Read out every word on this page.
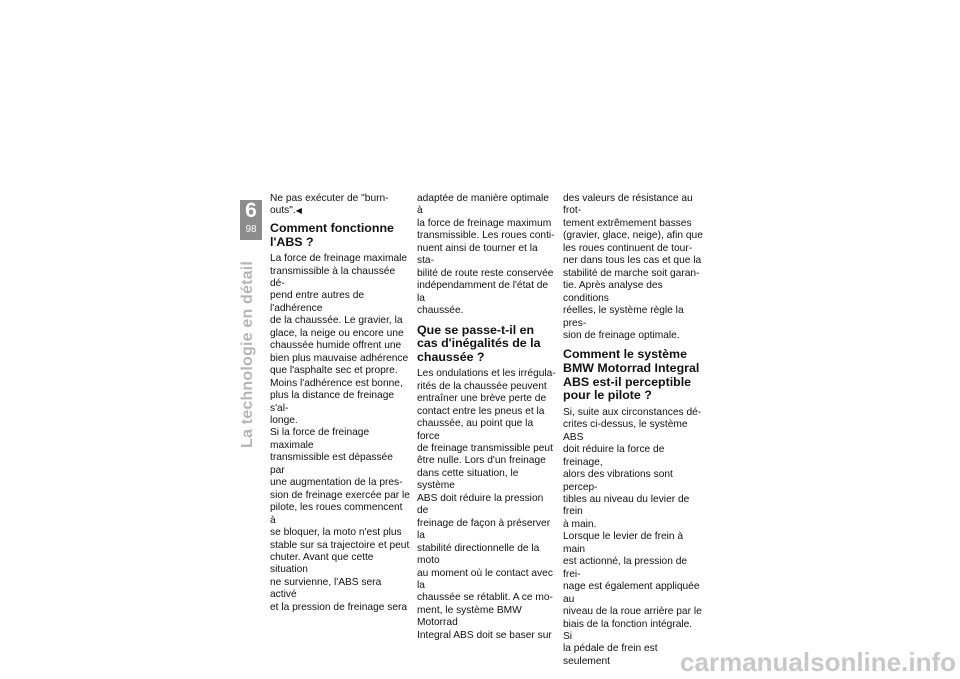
6
98
La technologie en détail

Ne pas exécuter de "burn-
outs".◀

Comment fonctionne
l'ABS ?

La force de freinage maximale
transmissible à la chaussée dé-
pend entre autres de l'adhérence
de la chaussée. Le gravier, la
glace, la neige ou encore une
chaussée humide offrent une
bien plus mauvaise adhérence
que l'asphalte sec et propre.
Moins l'adhérence est bonne,
plus la distance de freinage s'al-
longe.

Si la force de freinage maximale
transmissible est dépassée par
une augmentation de la pres-
sion de freinage exercée par le
pilote, les roues commencent à
se bloquer, la moto n'est plus
stable sur sa trajectoire et peut
chuter. Avant que cette situation
ne survienne, l'ABS sera activé
et la pression de freinage sera

adaptée de manière optimale à
la force de freinage maximum
transmissible. Les roues conti-
nuent ainsi de tourner et la sta-
bilité de route reste conservée
indépendamment de l'état de la
chaussée.

Que se passe-t-il en
cas d'inégalités de la
chaussée ?

Les ondulations et les irrégula-
rités de la chaussée peuvent
entraîner une brève perte de
contact entre les pneus et la
chaussée, au point que la force
de freinage transmissible peut
être nulle. Lors d'un freinage
dans cette situation, le système
ABS doit réduire la pression de
freinage de façon à préserver la
stabilité directionnelle de la moto
au moment où le contact avec la
chaussée se rétablit. A ce mo-
ment, le système BMW Motorrad
Integral ABS doit se baser sur

des valeurs de résistance au frot-
tement extrêmement basses
(gravier, glace, neige), afin que
les roues continuent de tour-
ner dans tous les cas et que la
stabilité de marche soit garan-
tie. Après analyse des conditions
réelles, le système règle la pres-
sion de freinage optimale.

Comment le système
BMW Motorrad Integral
ABS est-il perceptible
pour le pilote ?

Si, suite aux circonstances dé-
crites ci-dessus, le système ABS
doit réduire la force de freinage,
alors des vibrations sont percep-
tibles au niveau du levier de frein
à main.

Lorsque le levier de frein à main
est actionné, la pression de frei-
nage est également appliquée au
niveau de la roue arrière par le
biais de la fonction intégrale. Si
la pédale de frein est seulement	carmanualsonline.info
